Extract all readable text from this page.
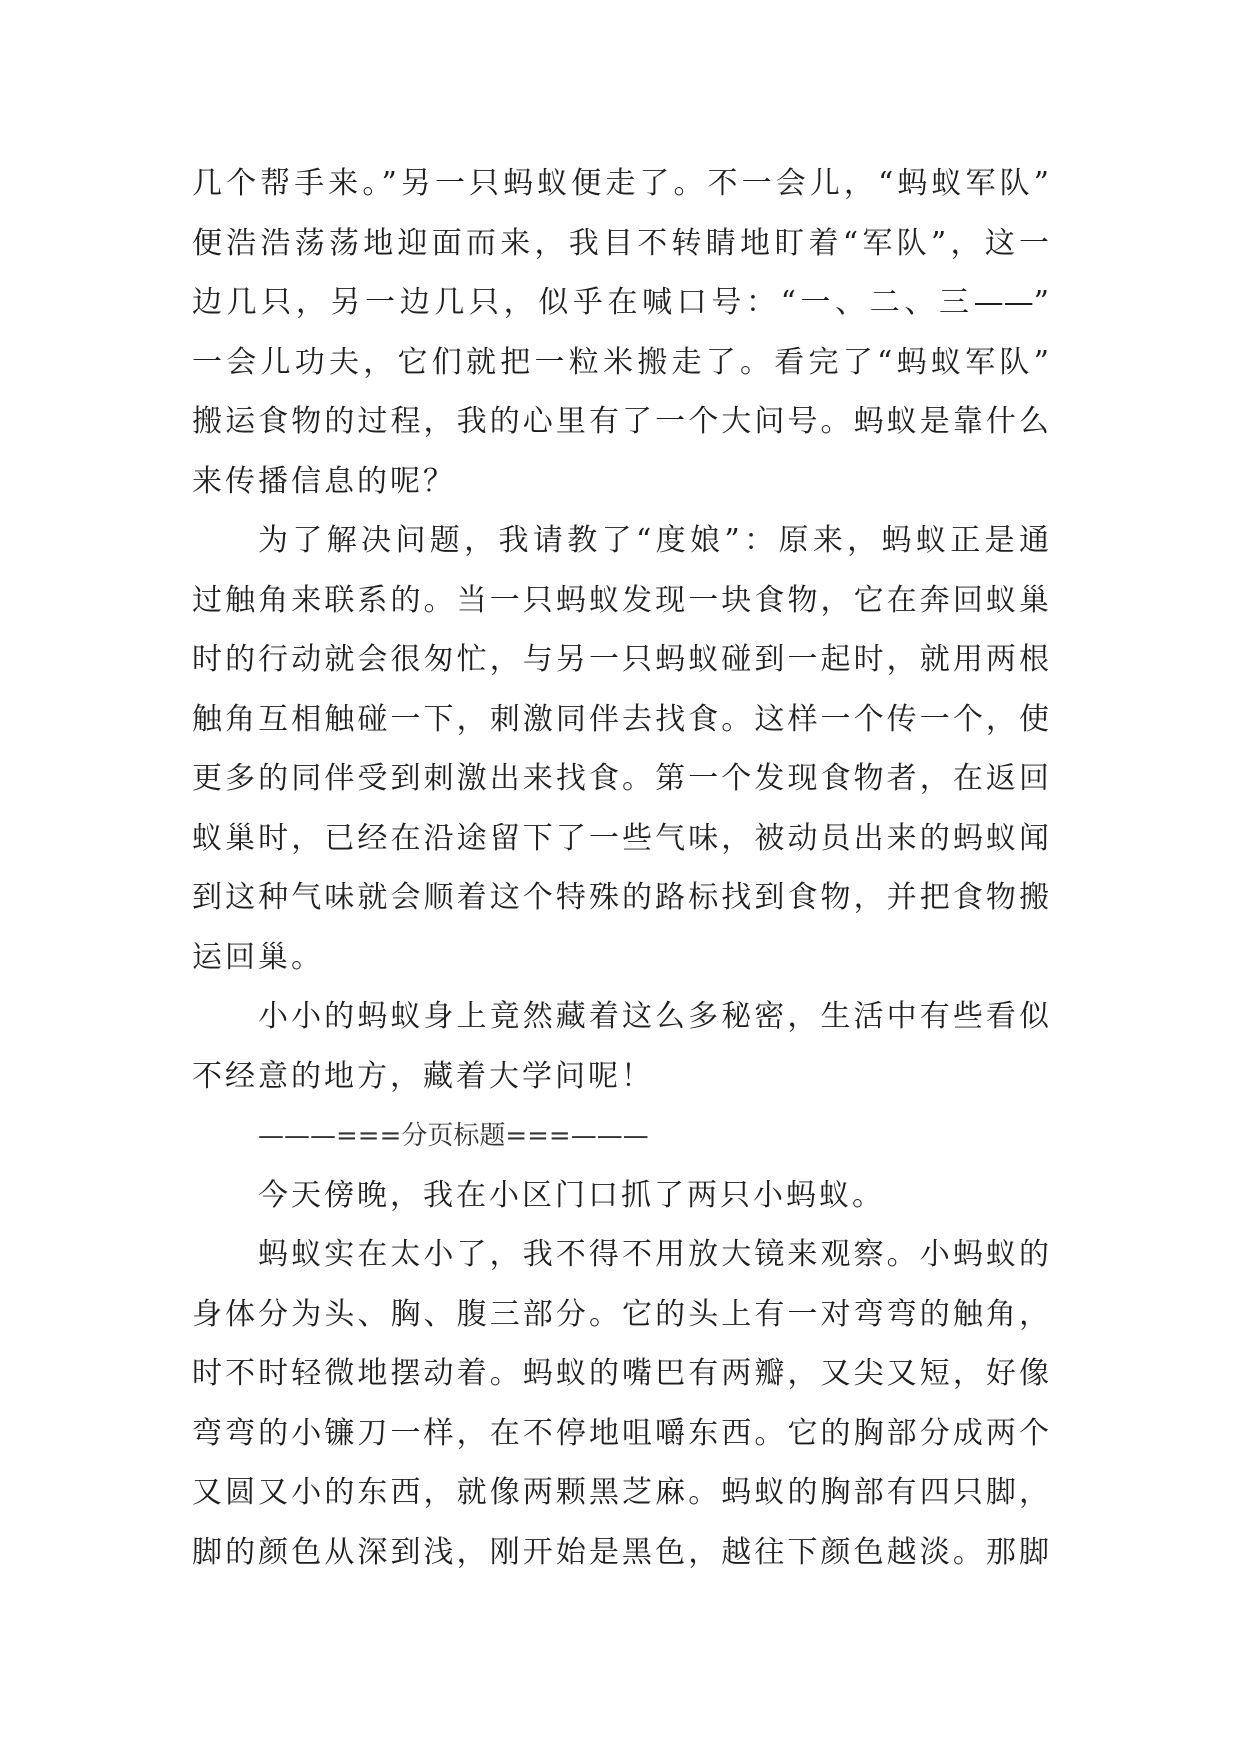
几个帮手来。”另一只蚂蚁便走了。不一会儿，“蚂蚁军队”
便浩浩荡荡地迎面而来，我目不转睛地盯着“军队”，这一
边几只，另一边几只，似乎在喊口号：“一、二、三——”
一会儿功夫，它们就把一粒米搬走了。看完了“蚂蚁军队”
搬运食物的过程，我的心里有了一个大问号。蚂蚁是靠什么
来传播信息的呢？
为了解决问题，我请教了“度娘”：原来，蚂蚁正是通
过触角来联系的。当一只蚂蚁发现一块食物，它在奔回蚁巢
时的行动就会很匆忙，与另一只蚂蚁碰到一起时，就用两根
触角互相触碰一下，刺激同伴去找食。这样一个传一个，使
更多的同伴受到刺激出来找食。第一个发现食物者，在返回
蚁巢时，已经在沿途留下了一些气味，被动员出来的蚂蚁闻
到这种气味就会顺着这个特殊的路标找到食物，并把食物搬
运回巢。
小小的蚂蚁身上竟然藏着这么多秘密，生活中有些看似
不经意的地方，藏着大学问呢！
———===分页标题===———
今天傍晚，我在小区门口抓了两只小蚂蚁。
蚂蚁实在太小了，我不得不用放大镜来观察。小蚂蚁的
身体分为头、胸、腹三部分。它的头上有一对弯弯的触角，
时不时轻微地摆动着。蚂蚁的嘴巴有两瓣，又尖又短，好像
弯弯的小镰刀一样，在不停地咀嚼东西。它的胸部分成两个
又圆又小的东西，就像两颗黑芝麻。蚂蚁的胸部有四只脚，
脚的颜色从深到浅，刚开始是黑色，越往下颜色越淡。那脚
